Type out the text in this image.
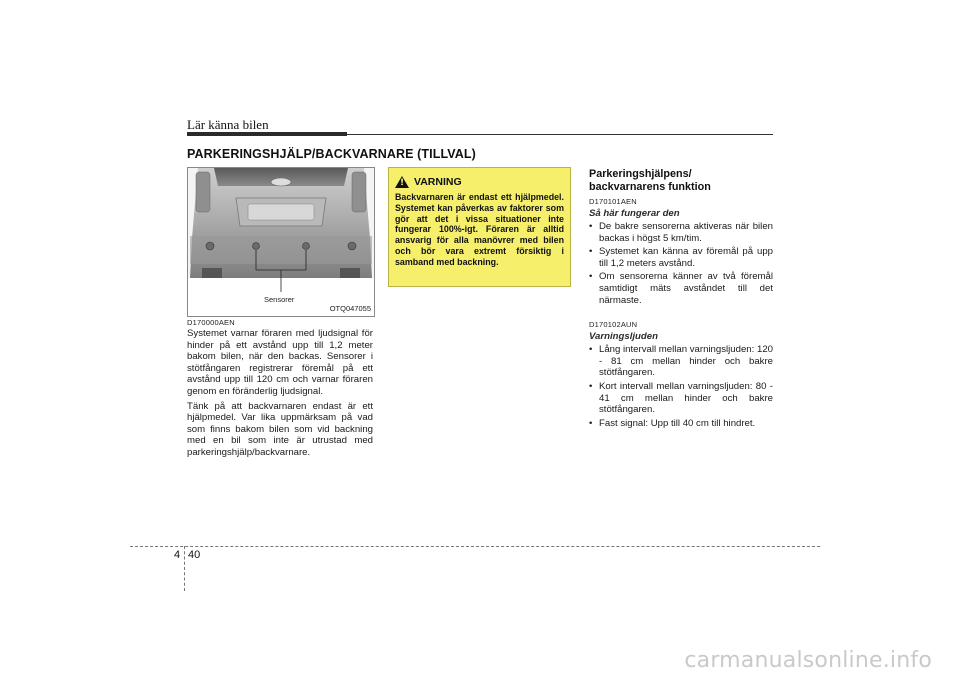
Lär känna bilen
PARKERINGSHJÄLP/BACKVARNARE (TILLVAL)
Sensorer
OTQ047055
D170000AEN
Systemet varnar föraren med ljudsignal för hinder på ett avstånd upp till 1,2 meter bakom bilen, när den backas. Sensorer i stötfångaren registrerar föremål på ett avstånd upp till 120 cm och varnar föraren genom en föränderlig ljudsignal.
Tänk på att backvarnaren endast är ett hjälpmedel. Var lika uppmärksam på vad som finns bakom bilen som vid backning med en bil som inte är utrustad med parkeringshjälp/backvarnare.
! VARNING
Backvarnaren är endast ett hjälpmedel. Systemet kan påverkas av faktorer som gör att det i vissa situationer inte fungerar 100%-igt. Föraren är alltid ansvarig för alla manövrer med bilen och bör vara extremt försiktig i samband med backning.
Parkeringshjälpens/
backvarnarens funktion
D170101AEN
Så här fungerar den
• De bakre sensorerna aktiveras när bilen backas i högst 5 km/tim.
• Systemet kan känna av föremål på upp till 1,2 meters avstånd.
• Om sensorerna känner av två föremål samtidigt mäts avståndet till det närmaste.
D170102AUN
Varningsljuden
• Lång intervall mellan varningsljuden: 120 - 81 cm mellan hinder och bakre stötfångaren.
• Kort intervall mellan varningsljuden: 80 - 41 cm mellan hinder och bakre stötfångaren.
• Fast signal: Upp till 40 cm till hindret.
4 40
carmanualsonline.info
